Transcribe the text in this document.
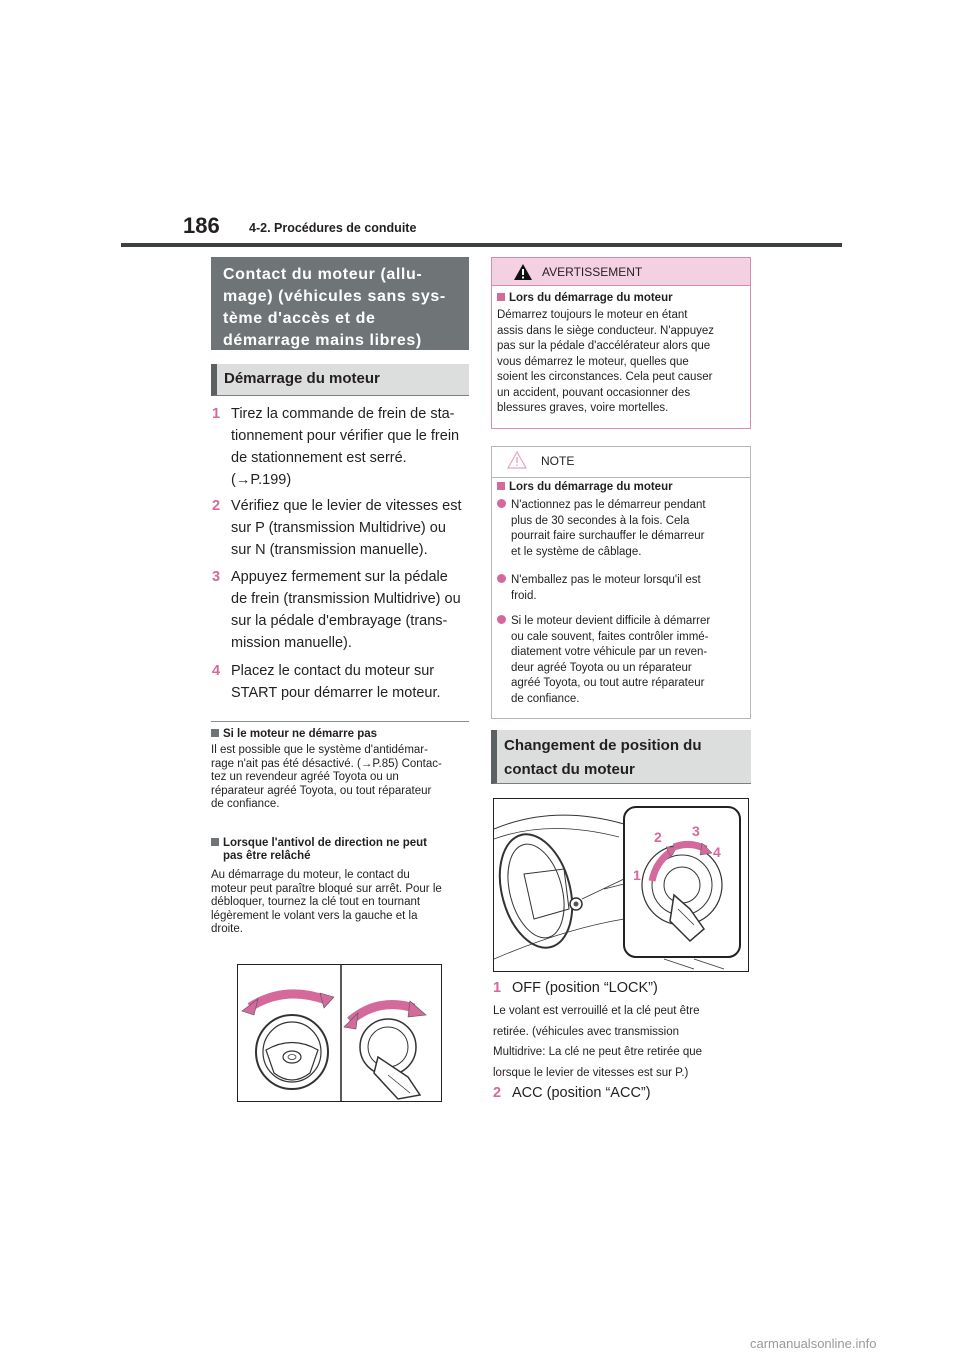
186 4-2. Procédures de conduite
Contact du moteur (allu-
mage) (véhicules sans sys-
tème d'accès et de
démarrage mains libres)
Démarrage du moteur
1 Tirez la commande de frein de sta-
tionnement pour vérifier que le frein
de stationnement est serré.
(→P.199)
2 Vérifiez que le levier de vitesses est
sur P (transmission Multidrive) ou
sur N (transmission manuelle).
3 Appuyez fermement sur la pédale
de frein (transmission Multidrive) ou
sur la pédale d'embrayage (trans-
mission manuelle).
4 Placez le contact du moteur sur
START pour démarrer le moteur.
Si le moteur ne démarre pas
Il est possible que le système d'antidémar-
rage n'ait pas été désactivé. (→P.85) Contac-
tez un revendeur agréé Toyota ou un
réparateur agréé Toyota, ou tout réparateur
de confiance.
Lorsque l'antivol de direction ne peut
pas être relâché
Au démarrage du moteur, le contact du
moteur peut paraître bloqué sur arrêt. Pour le
débloquer, tournez la clé tout en tournant
légèrement le volant vers la gauche et la
droite.
AVERTISSEMENT
Lors du démarrage du moteur
Démarrez toujours le moteur en étant
assis dans le siège conducteur. N'appuyez
pas sur la pédale d'accélérateur alors que
vous démarrez le moteur, quelles que
soient les circonstances. Cela peut causer
un accident, pouvant occasionner des
blessures graves, voire mortelles.
NOTE
Lors du démarrage du moteur
N'actionnez pas le démarreur pendant
plus de 30 secondes à la fois. Cela
pourrait faire surchauffer le démarreur
et le système de câblage.
N'emballez pas le moteur lorsqu'il est
froid.
Si le moteur devient difficile à démarrer
ou cale souvent, faites contrôler immé-
diatement votre véhicule par un reven-
deur agréé Toyota ou un réparateur
agréé Toyota, ou tout autre réparateur
de confiance.
Changement de position du
contact du moteur
1
2 3
4
1 OFF (position “LOCK”)
Le volant est verrouillé et la clé peut être
retirée. (véhicules avec transmission
Multidrive: La clé ne peut être retirée que
lorsque le levier de vitesses est sur P.)
2 ACC (position “ACC”)
carmanualsonline.info
